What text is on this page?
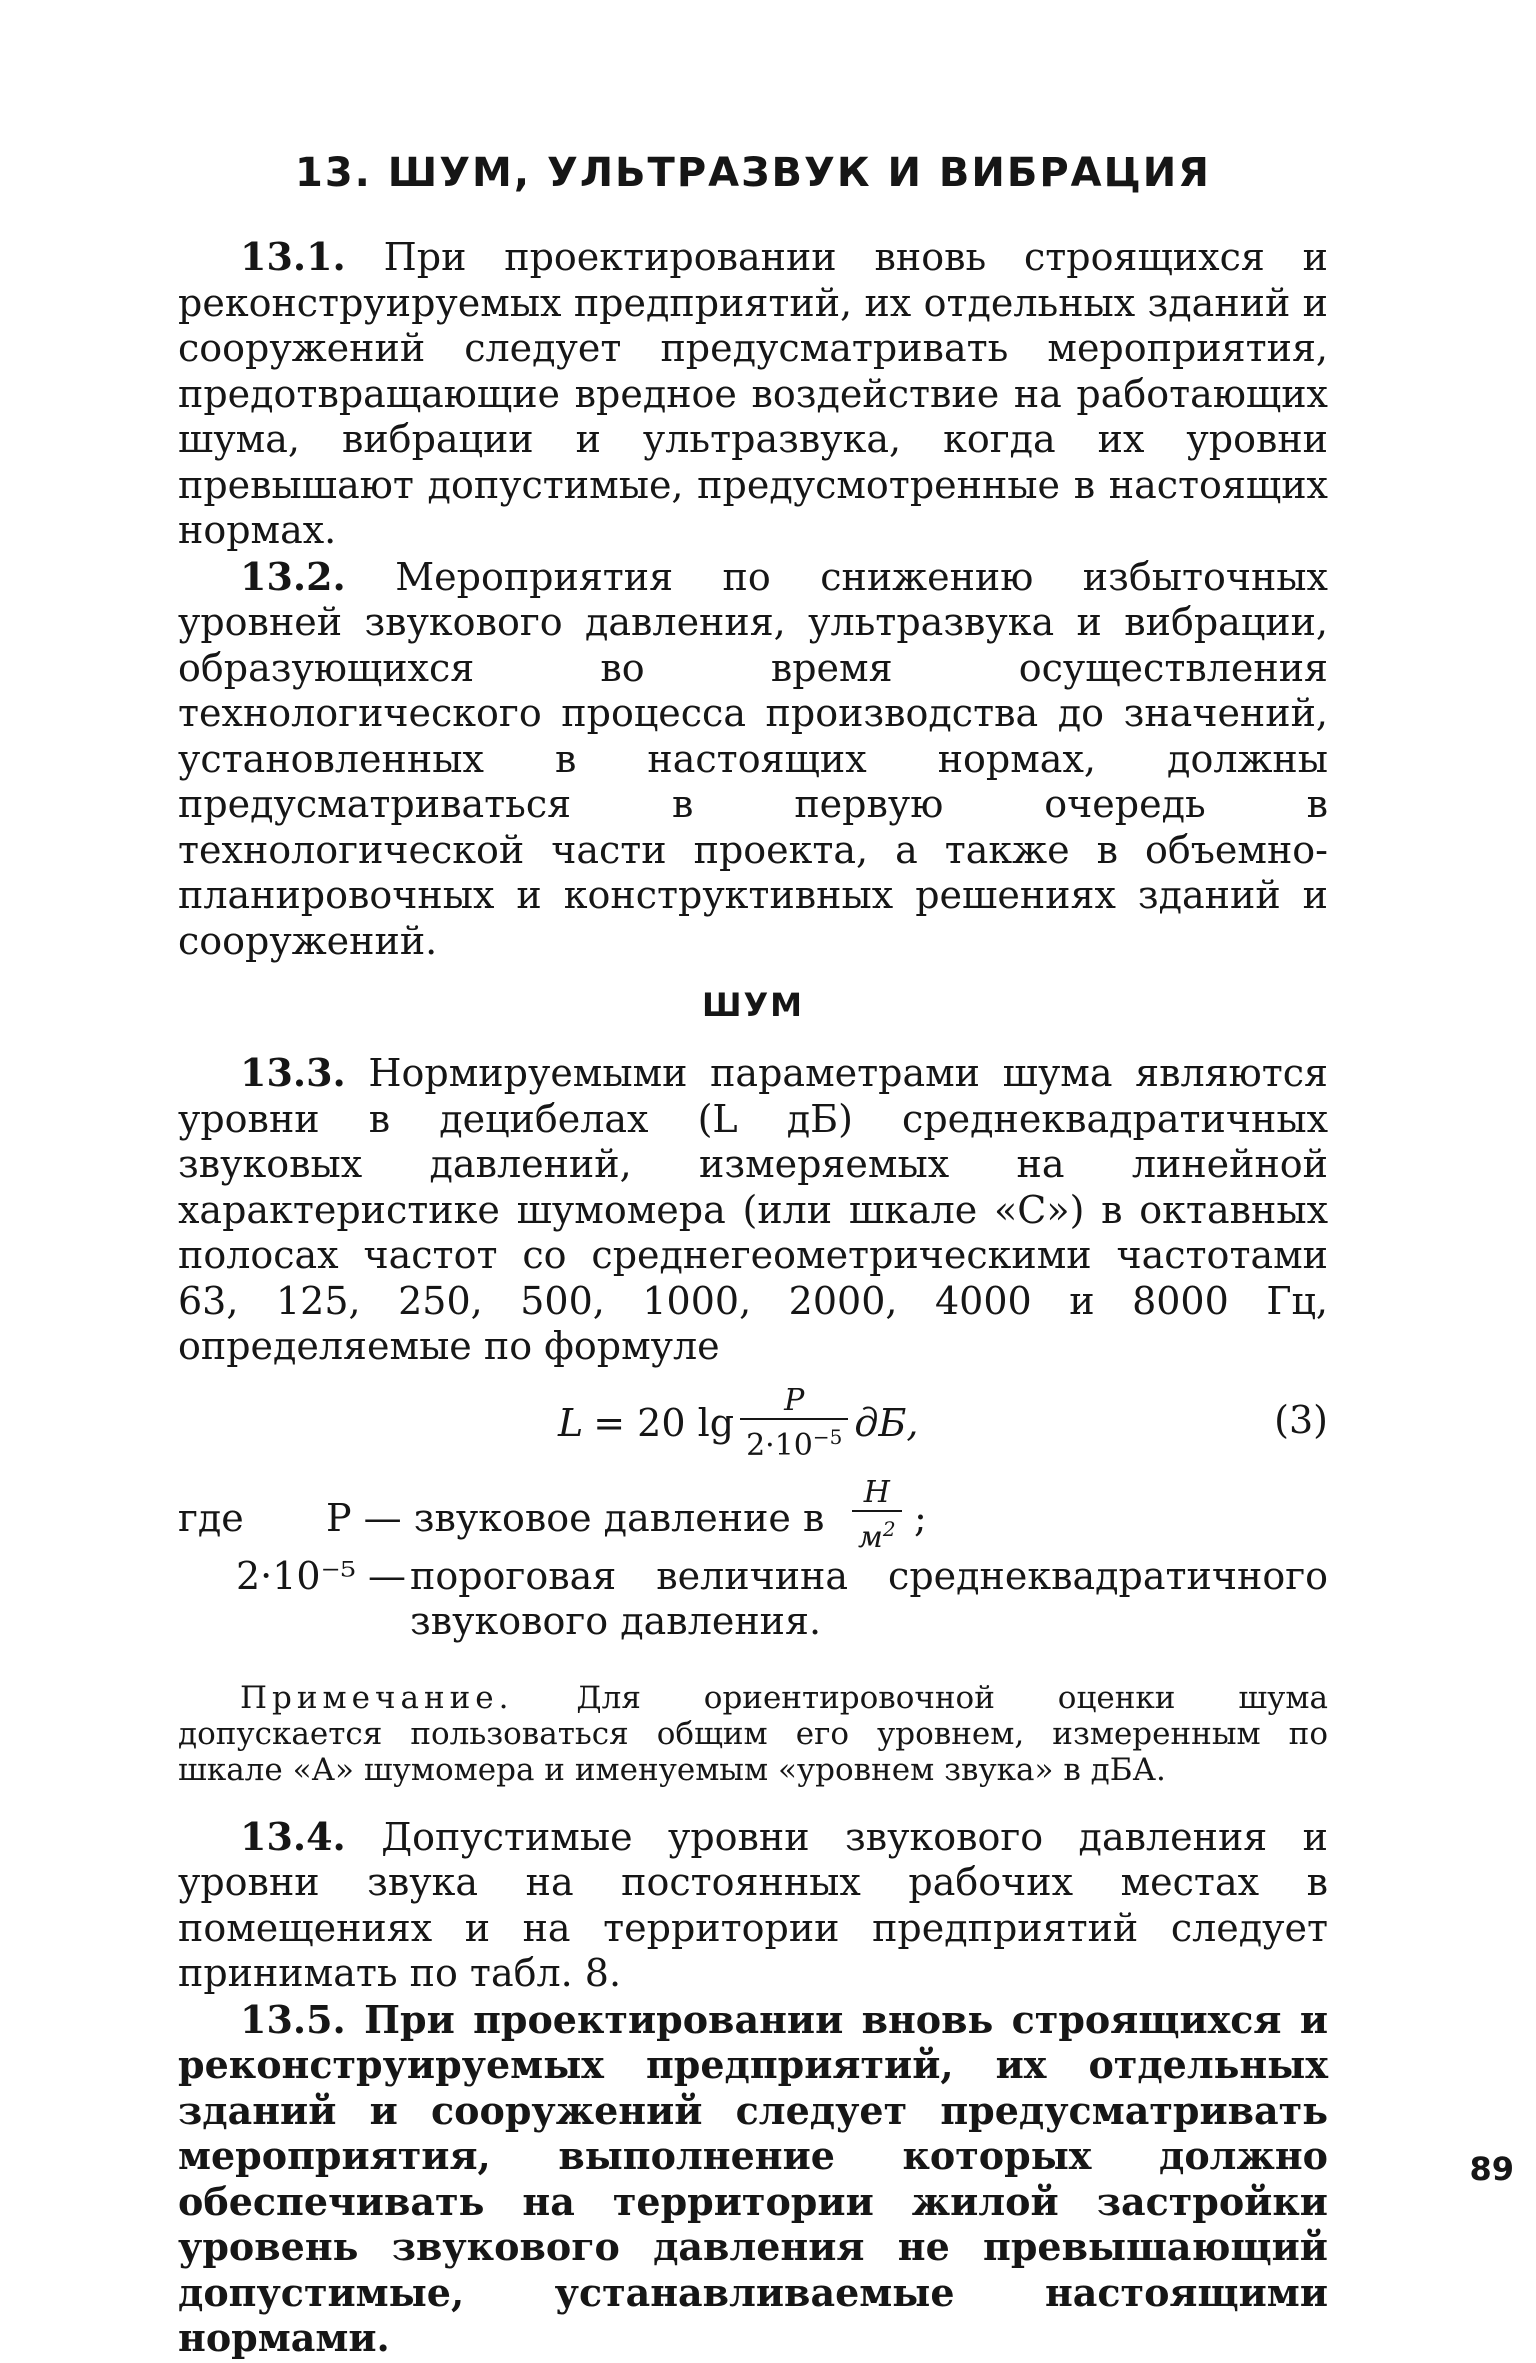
13. ШУМ, УЛЬТРАЗВУК И ВИБРАЦИЯ

13.1. При проектировании вновь строящихся и реконструируемых предприятий, их отдельных зданий и сооружений следует предусматривать мероприятия, предотвращающие вредное воздействие на работающих шума, вибрации и ультразвука, когда их уровни превышают допустимые, предусмотренные в настоящих нормах.

13.2. Мероприятия по снижению избыточных уровней звукового давления, ультразвука и вибрации, образующихся во время осуществления технологического процесса производства до значений, установленных в настоящих нормах, должны предусматриваться в первую очередь в технологической части проекта, а также в объемно-планировочных и конструктивных решениях зданий и сооружений.

ШУМ

13.3. Нормируемыми параметрами шума являются уровни в децибелах (L дБ) среднеквадратичных звуковых давлений, измеряемых на линейной характеристике шумомера (или шкале «С») в октавных полосах частот со среднегеометрическими частотами 63, 125, 250, 500, 1000, 2000, 4000 и 8000 Гц, определяемые по формуле

L = 20 $\lg \frac{P}{2\cdot 10^{-5}}$ дБ,	(3)
где P — звуковое давление в
Н
$м^2$ ;
2·10⁻⁵ — пороговая величина среднеквадратичного звукового давления.

Примечание. Для ориентировочной оценки шума допускается пользоваться общим его уровнем, измеренным по шкале «А» шумомера и именуемым «уровнем звука» в дБА.

13.4. Допустимые уровни звукового давления и уровни звука на постоянных рабочих местах в помещениях и на территории предприятий следует принимать по табл. 8.

13.5. При проектировании вновь строящихся и реконструируемых предприятий, их отдельных зданий и сооружений следует предусматривать мероприятия, выполнение которых должно обеспечивать на территории жилой застройки уровень звукового давления не превышающий допустимые, устанавливаемые настоящими нормами.

89
